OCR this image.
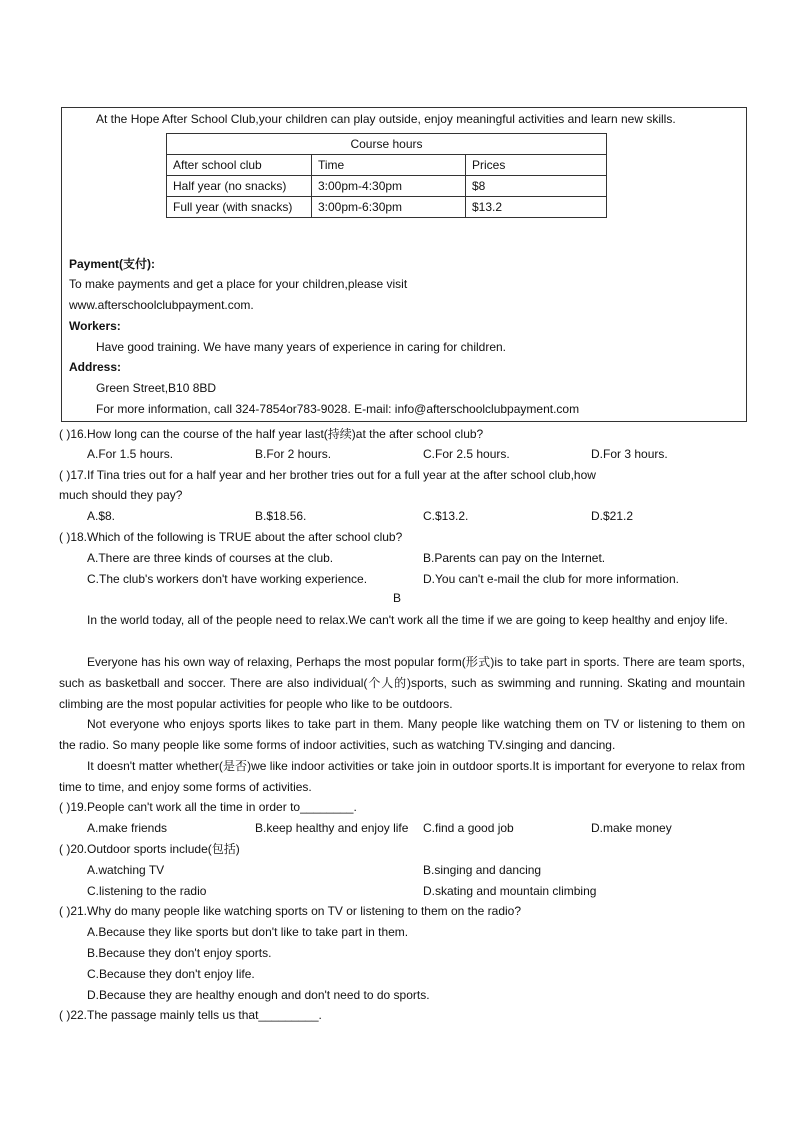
At the Hope After School Club,your children can play outside, enjoy meaningful activities and learn new skills.
Course hours		
After school club	Time	Prices
Half year (no snacks)	3:00pm-4:30pm	$8
Full year (with snacks)	3:00pm-6:30pm	$13.2
Payment(支付):
To make payments and get a place for your children,please visit
www.afterschoolclubpayment.com.
Workers:
Have good training. We have many years of experience in caring for children.
Address:
Green Street,B10 8BD
For more information, call 324-7854or783-9028. E-mail: info@afterschoolclubpayment.com
( )16.How long can the course of the half year last(持续)at the after school club?
A.For 1.5 hours.	B.For 2 hours.	C.For 2.5 hours.	D.For 3 hours.
( )17.If Tina tries out for a half year and her brother tries out for a full year at the after school club,how
much should they pay?
A.$8.	B.$18.56.	C.$13.2.	D.$21.2
( )18.Which of the following is TRUE about the after school club?
A.There are three kinds of courses at the club.	B.Parents can pay on the Internet.
C.The club's workers don't have working experience.	D.You can't e-mail the club for more information.
B
In the world today, all of the people need to relax.We can't work all the time if we are going to keep healthy and enjoy life.
Everyone has his own way of relaxing, Perhaps the most popular form(形式)is to take part in sports. There are team sports, such as basketball and soccer. There are also individual(个人的)sports, such as swimming and running. Skating and mountain climbing are the most popular activities for people who like to be outdoors.
Not everyone who enjoys sports likes to take part in them. Many people like watching them on TV or listening to them on the radio. So many people like some forms of indoor activities, such as watching TV.singing and dancing.
It doesn't matter whether(是否)we like indoor activities or take join in outdoor sports.It is important for everyone to relax from time to time, and enjoy some forms of activities.
( )19.People can't work all the time in order to________.
A.make friends	B.keep healthy and enjoy life C.find a good job	D.make money
( )20.Outdoor sports include(包括)
A.watching TV	B.singing and dancing
C.listening to the radio	D.skating and mountain climbing
( )21.Why do many people like watching sports on TV or listening to them on the radio?
A.Because they like sports but don't like to take part in them.
B.Because they don't enjoy sports.
C.Because they don't enjoy life.
D.Because they are healthy enough and don't need to do sports.
( )22.The passage mainly tells us that_________.
